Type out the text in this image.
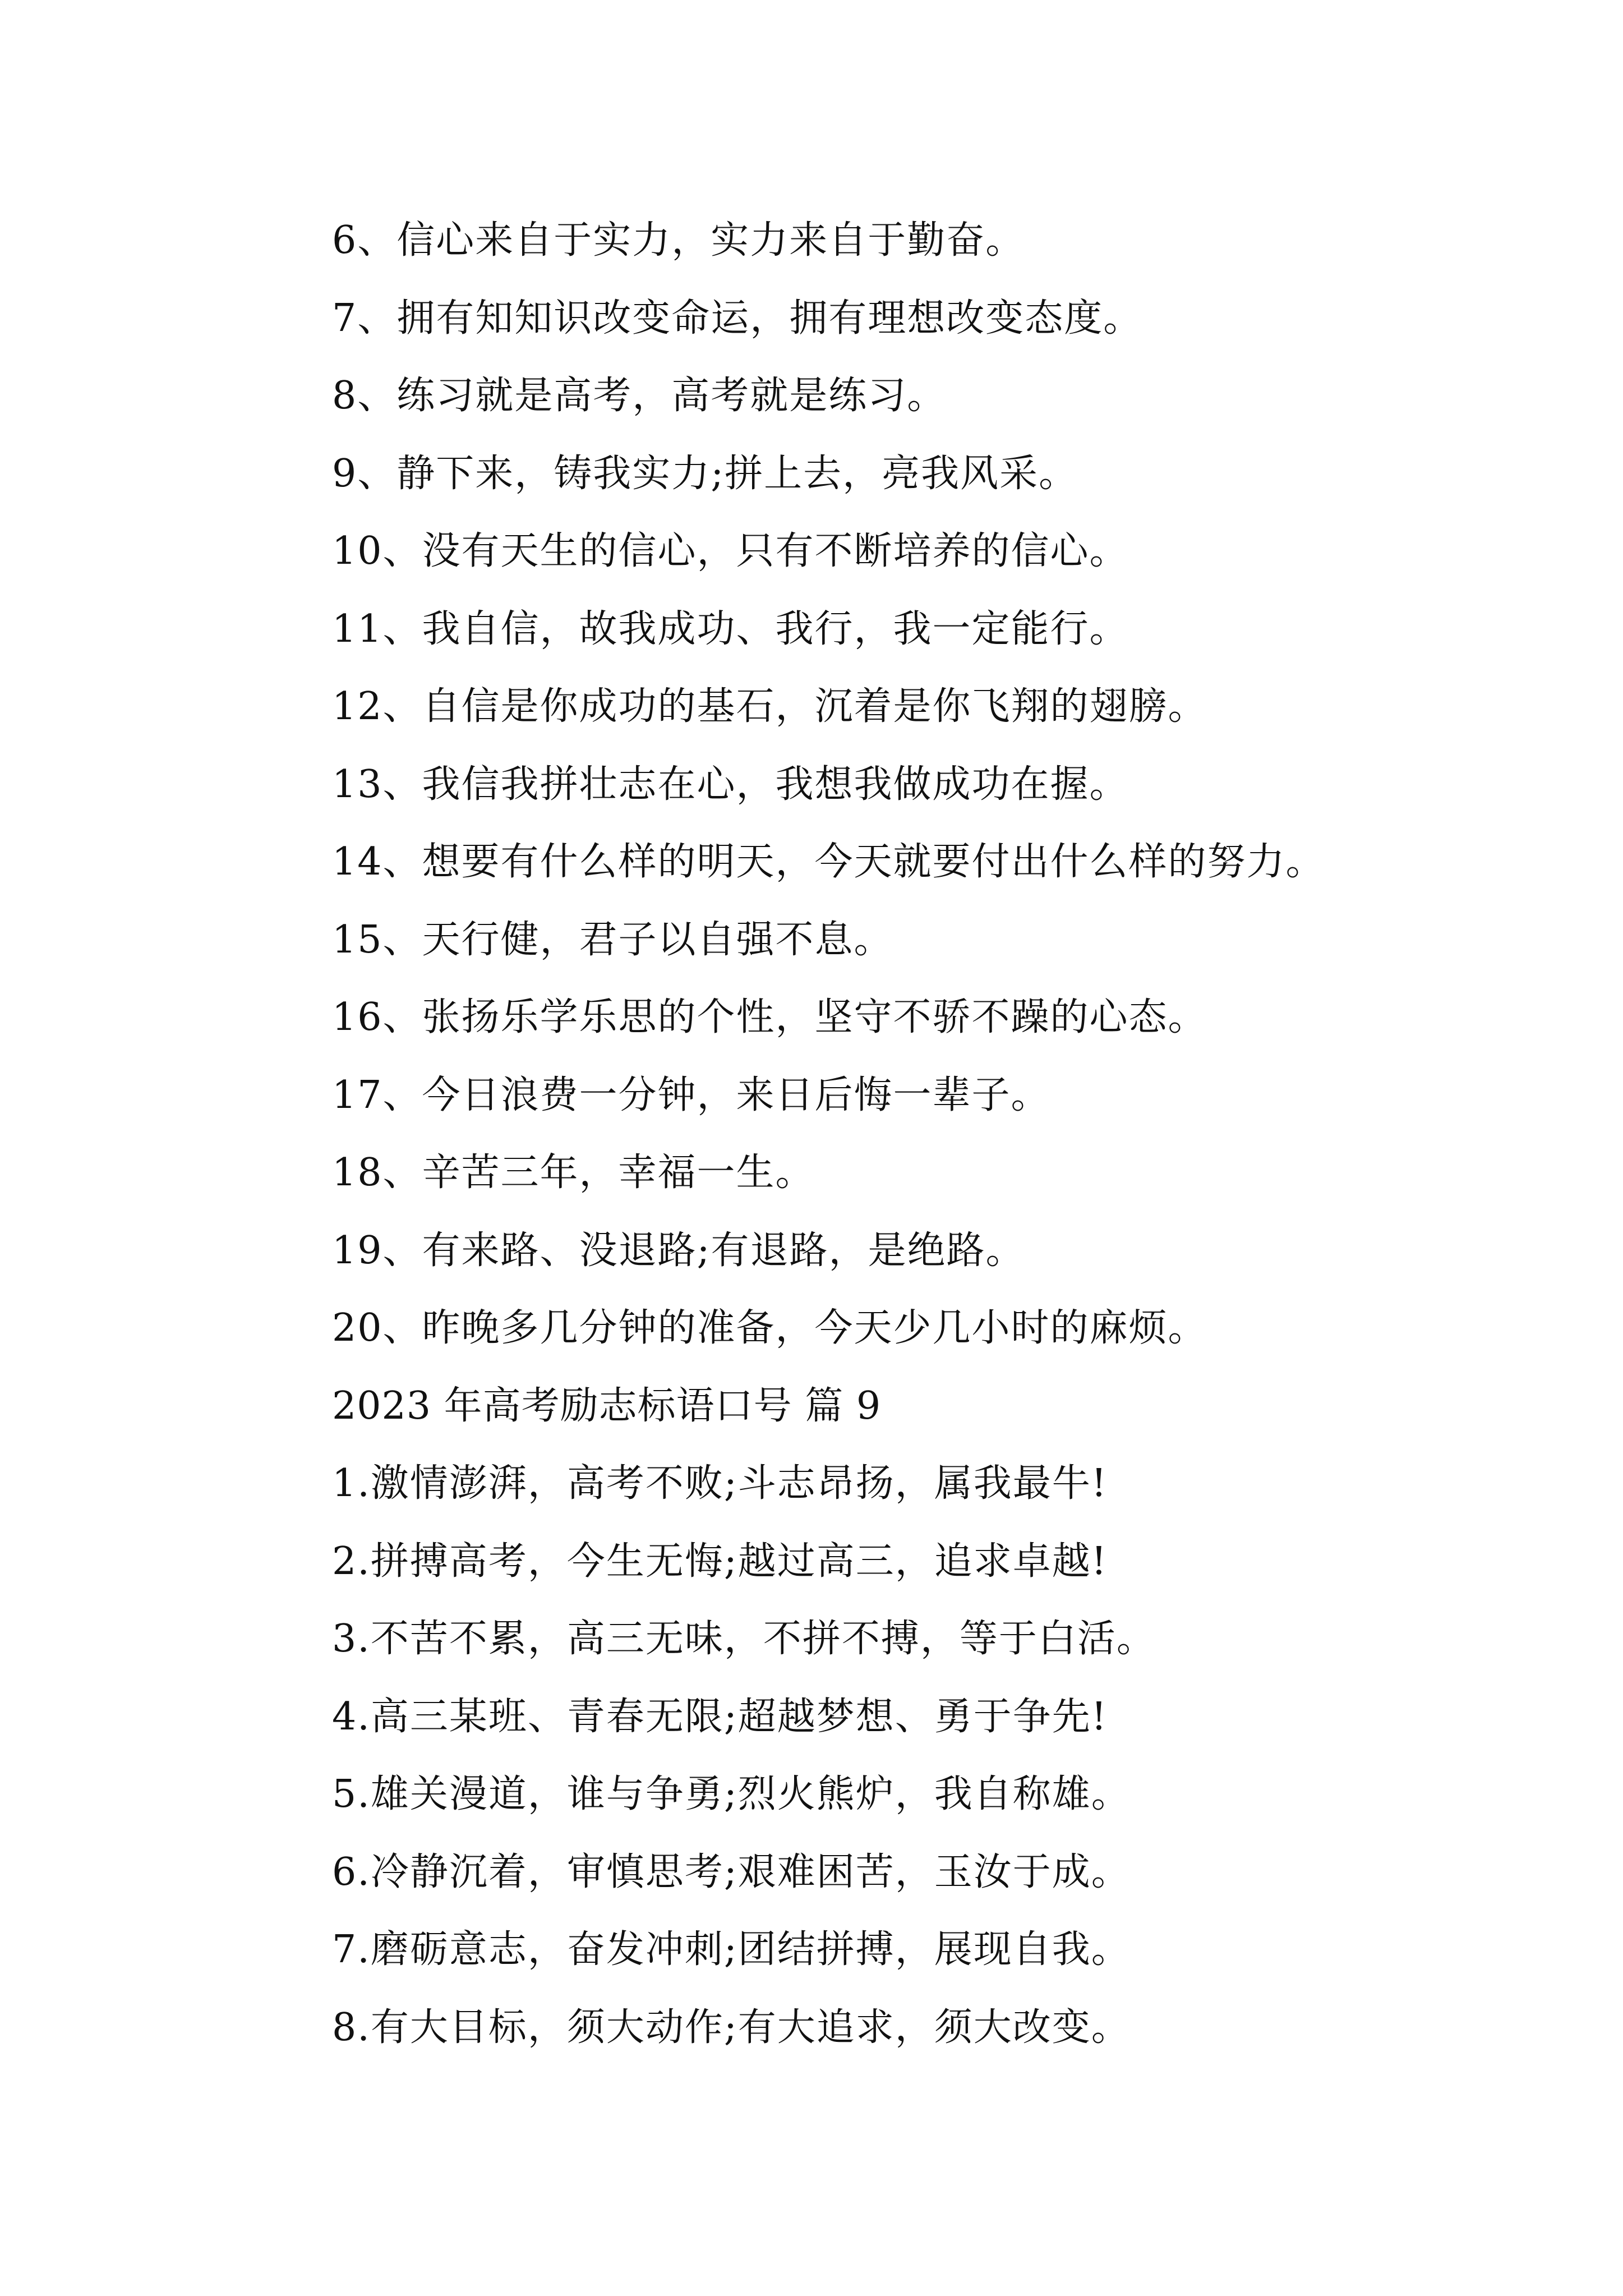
6、信心来自于实力，实力来自于勤奋。
7、拥有知知识改变命运，拥有理想改变态度。
8、练习就是高考，高考就是练习。
9、静下来，铸我实力;拼上去，亮我风采。
10、没有天生的信心，只有不断培养的信心。
11、我自信，故我成功、我行，我一定能行。
12、自信是你成功的基石，沉着是你飞翔的翅膀。
13、我信我拼壮志在心，我想我做成功在握。
14、想要有什么样的明天，今天就要付出什么样的努力。
15、天行健，君子以自强不息。
16、张扬乐学乐思的个性，坚守不骄不躁的心态。
17、今日浪费一分钟，来日后悔一辈子。
18、辛苦三年，幸福一生。
19、有来路、没退路;有退路，是绝路。
20、昨晚多几分钟的准备，今天少几小时的麻烦。
2023 年高考励志标语口号 篇 9
1.激情澎湃，高考不败;斗志昂扬，属我最牛!
2.拼搏高考，今生无悔;越过高三，追求卓越!
3.不苦不累，高三无味，不拼不搏，等于白活。
4.高三某班、青春无限;超越梦想、勇于争先!
5.雄关漫道，谁与争勇;烈火熊炉，我自称雄。
6.冷静沉着，审慎思考;艰难困苦，玉汝于成。
7.磨砺意志，奋发冲刺;团结拼搏，展现自我。
8.有大目标，须大动作;有大追求，须大改变。
